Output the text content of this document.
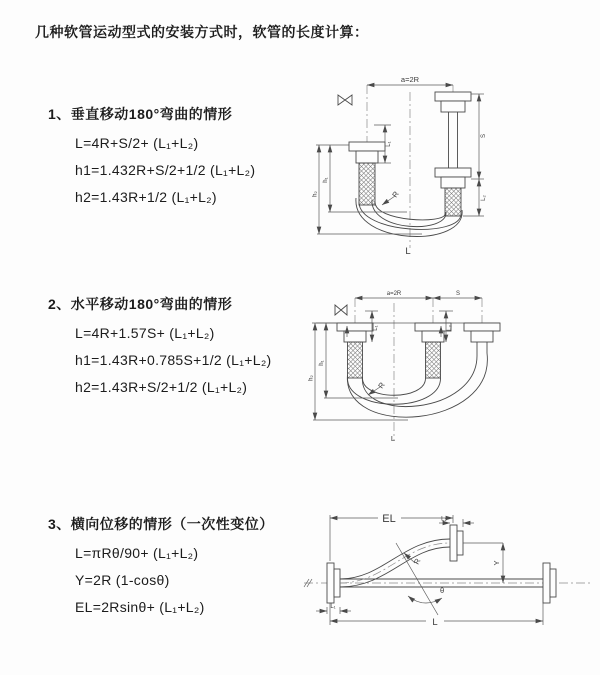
几种软管运动型式的安装方式时，软管的长度计算：
1、垂直移动180°弯曲的情形
L=4R+S/2+ (L₁+L₂)
h1=1.432R+S/2+1/2 (L₁+L₂)
h2=1.43R+1/2 (L₁+L₂)
2、水平移动180°弯曲的情形
L=4R+1.57S+ (L₁+L₂)
h1=1.43R+0.785S+1/2 (L₁+L₂)
h2=1.43R+S/2+1/2 (L₁+L₂)
3、横向位移的情形（一次性变位）
L=πRθ/90+ (L₁+L₂)
Y=2R (1-cosθ)
EL=2Rsinθ+ (L₁+L₂)
a=2R
R
h₁
h₂
L₁
S
L₂
L
a=2R	S
R
h₁
h₂
L₁	L₂
L
EL	L₂
Y
R
θ
L₁
L
